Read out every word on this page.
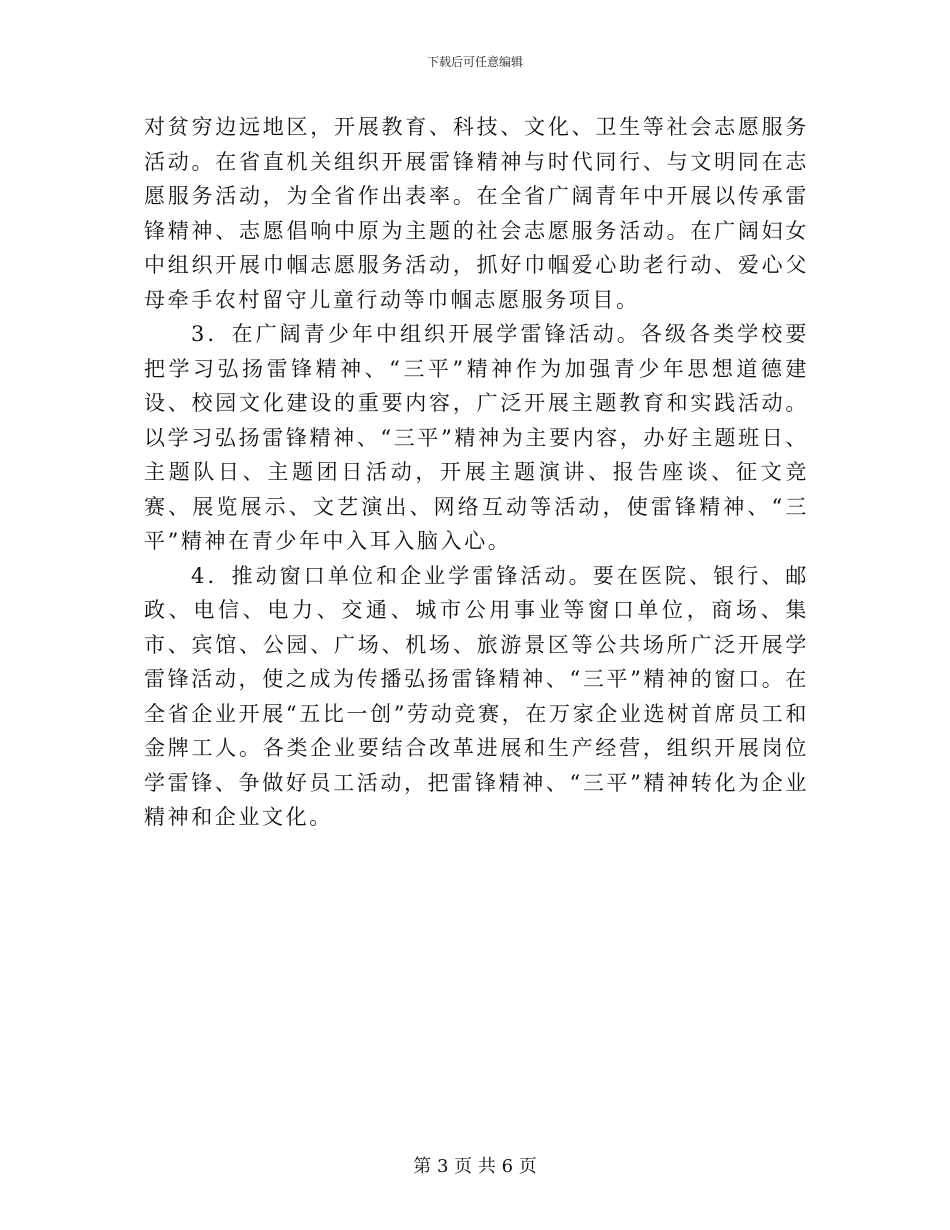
下载后可任意编辑

对贫穷边远地区，开展教育、科技、文化、卫生等社会志愿服务活动。在省直机关组织开展雷锋精神与时代同行、与文明同在志愿服务活动，为全省作出表率。在全省广阔青年中开展以传承雷锋精神、志愿倡响中原为主题的社会志愿服务活动。在广阔妇女中组织开展巾帼志愿服务活动，抓好巾帼爱心助老行动、爱心父母牵手农村留守儿童行动等巾帼志愿服务项目。

3．在广阔青少年中组织开展学雷锋活动。各级各类学校要把学习弘扬雷锋精神、“三平”精神作为加强青少年思想道德建设、校园文化建设的重要内容，广泛开展主题教育和实践活动。以学习弘扬雷锋精神、“三平”精神为主要内容，办好主题班日、主题队日、主题团日活动，开展主题演讲、报告座谈、征文竞赛、展览展示、文艺演出、网络互动等活动，使雷锋精神、“三平”精神在青少年中入耳入脑入心。

4．推动窗口单位和企业学雷锋活动。要在医院、银行、邮政、电信、电力、交通、城市公用事业等窗口单位，商场、集市、宾馆、公园、广场、机场、旅游景区等公共场所广泛开展学雷锋活动，使之成为传播弘扬雷锋精神、“三平”精神的窗口。在全省企业开展“五比一创”劳动竞赛，在万家企业选树首席员工和金牌工人。各类企业要结合改革进展和生产经营，组织开展岗位学雷锋、争做好员工活动，把雷锋精神、“三平”精神转化为企业精神和企业文化。

第 3 页 共 6 页
